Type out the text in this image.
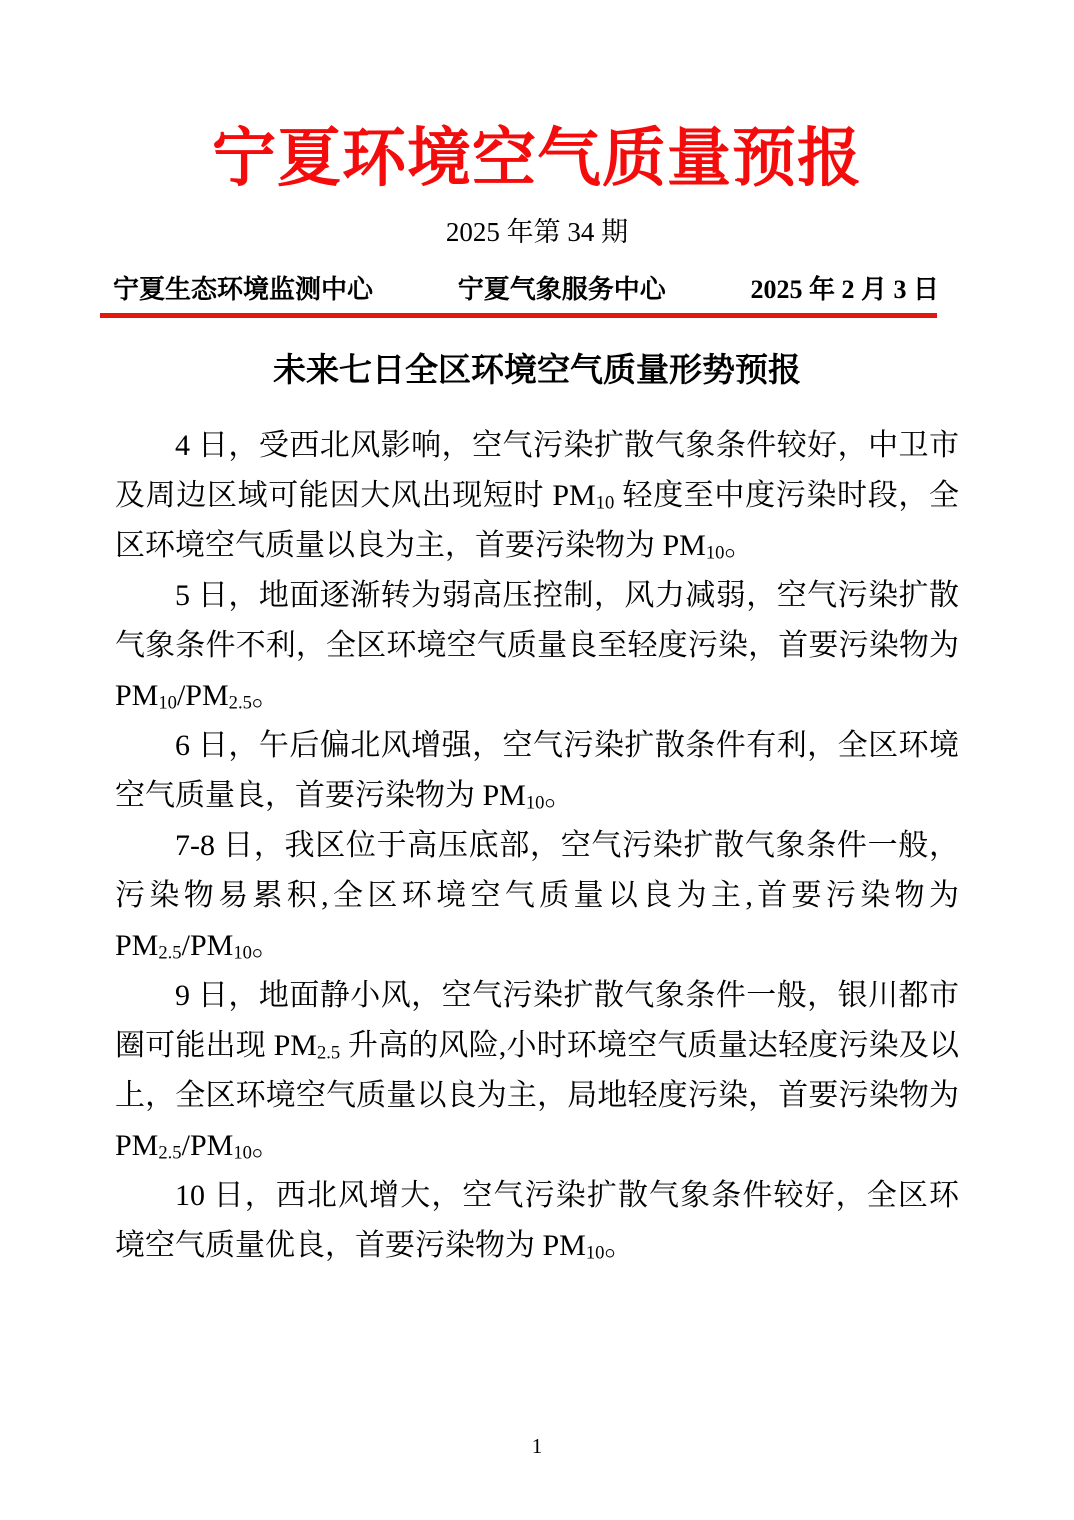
宁夏环境空气质量预报
2025 年第 34 期
宁夏生态环境监测中心	宁夏气象服务中心	2025 年 2 月 3 日
未来七日全区环境空气质量形势预报

4 日，受西北风影响，空气污染扩散气象条件较好，中卫市及周边区域可能因大风出现短时 $PM_{10}$ 轻度至中度污染时段，全区环境空气质量以良为主，首要污染物为 $PM_{10}$。

5 日，地面逐渐转为弱高压控制，风力减弱，空气污染扩散气象条件不利，全区环境空气质量良至轻度污染，首要污染物为 $PM_{10}/PM_{2.5}$。

6 日，午后偏北风增强，空气污染扩散条件有利，全区环境空气质量良，首要污染物为 $PM_{10}$。

7-8 日，我区位于高压底部，空气污染扩散气象条件一般，污染物易累积,全区环境空气质量以良为主,首要污染物为 $PM_{2.5}/PM_{10}$。

9 日，地面静小风，空气污染扩散气象条件一般，银川都市圈可能出现 $PM_{2.5}$ 升高的风险,小时环境空气质量达轻度污染及以上，全区环境空气质量以良为主，局地轻度污染，首要污染物为 $PM_{2.5}/PM_{10}$。

10 日，西北风增大，空气污染扩散气象条件较好，全区环境空气质量优良，首要污染物为 $PM_{10}$。

1
